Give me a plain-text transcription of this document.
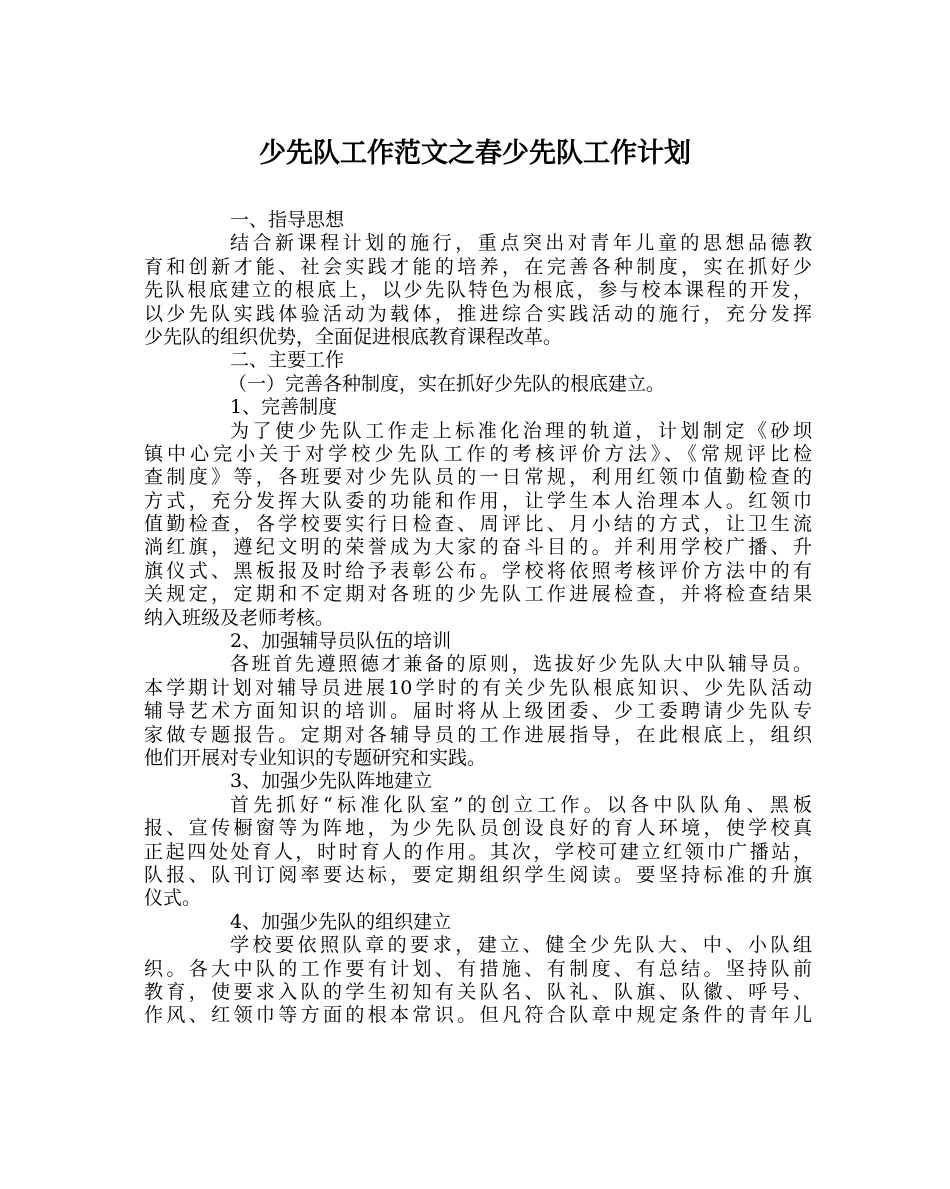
少先队工作范文之春少先队工作计划
一、指导思想
结合新课程计划的施行，重点突出对青年儿童的思想品德教
育和创新才能、社会实践才能的培养，在完善各种制度，实在抓好少
先队根底建立的根底上，以少先队特色为根底，参与校本课程的开发，
以少先队实践体验活动为载体，推进综合实践活动的施行，充分发挥
少先队的组织优势，全面促进根底教育课程改革。
二、主要工作
（一）完善各种制度，实在抓好少先队的根底建立。
1、完善制度
为了使少先队工作走上标准化治理的轨道，计划制定《砂坝
镇中心完小关于对学校少先队工作的考核评价方法》、《常规评比检
查制度》等，各班要对少先队员的一日常规，利用红领巾值勤检查的
方式，充分发挥大队委的功能和作用，让学生本人治理本人。红领巾
值勤检查，各学校要实行日检查、周评比、月小结的方式，让卫生流
淌红旗，遵纪文明的荣誉成为大家的奋斗目的。并利用学校广播、升
旗仪式、黑板报及时给予表彰公布。学校将依照考核评价方法中的有
关规定，定期和不定期对各班的少先队工作进展检查，并将检查结果
纳入班级及老师考核。
2、加强辅导员队伍的培训
各班首先遵照德才兼备的原则，选拔好少先队大中队辅导员。
本学期计划对辅导员进展10学时的有关少先队根底知识、少先队活动
辅导艺术方面知识的培训。届时将从上级团委、少工委聘请少先队专
家做专题报告。定期对各辅导员的工作进展指导，在此根底上，组织
他们开展对专业知识的专题研究和实践。
3、加强少先队阵地建立
首先抓好“标准化队室”的创立工作。以各中队队角、黑板
报、宣传橱窗等为阵地，为少先队员创设良好的育人环境，使学校真
正起四处处育人，时时育人的作用。其次，学校可建立红领巾广播站，
队报、队刊订阅率要达标，要定期组织学生阅读。要坚持标准的升旗
仪式。
4、加强少先队的组织建立
学校要依照队章的要求，建立、健全少先队大、中、小队组
织。各大中队的工作要有计划、有措施、有制度、有总结。坚持队前
教育，使要求入队的学生初知有关队名、队礼、队旗、队徽、呼号、
作风、红领巾等方面的根本常识。但凡符合队章中规定条件的青年儿
